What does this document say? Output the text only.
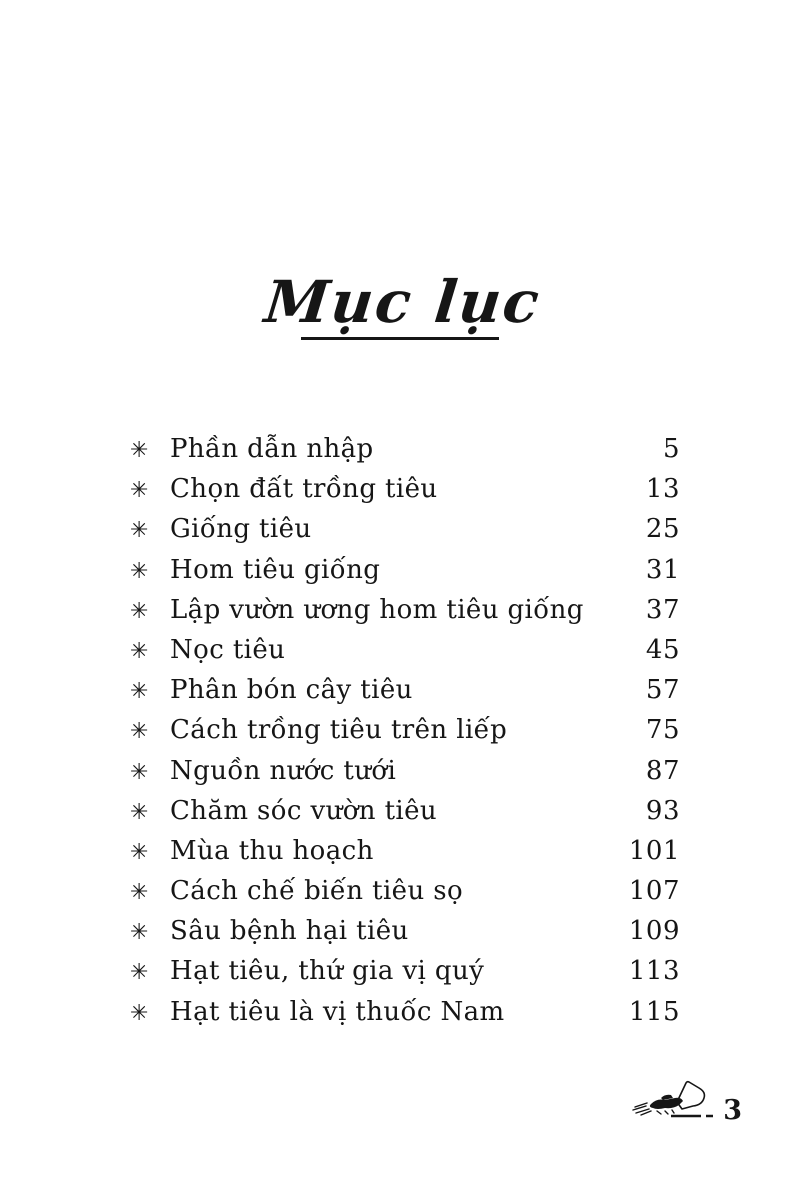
Mục lục
✳ Phần dẫn nhập	5
✳ Chọn đất trồng tiêu	13
✳ Giống tiêu	25
✳ Hom tiêu giống	31
✳ Lập vườn ương hom tiêu giống	37
✳ Nọc tiêu	45
✳ Phân bón cây tiêu	57
✳ Cách trồng tiêu trên liếp	75
✳ Nguồn nước tưới	87
✳ Chăm sóc vườn tiêu	93
✳ Mùa thu hoạch	101
✳ Cách chế biến tiêu sọ	107
✳ Sâu bệnh hại tiêu	109
✳ Hạt tiêu, thứ gia vị quý	113
✳ Hạt tiêu là vị thuốc Nam	115
3
